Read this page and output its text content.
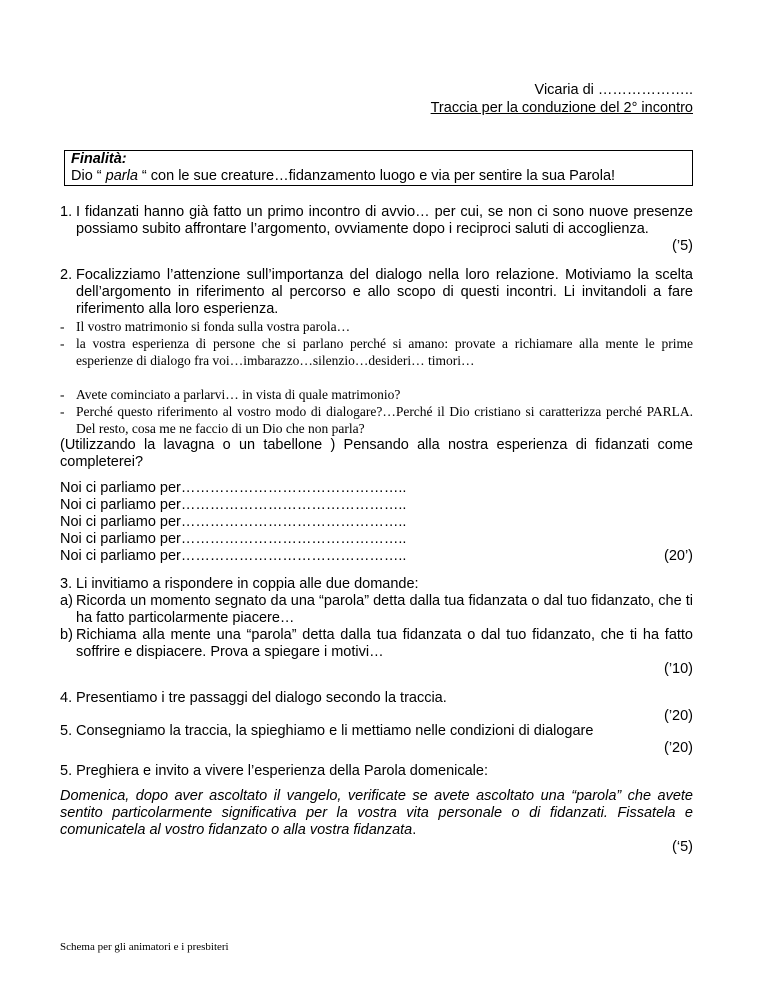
Vicaria di ………………..
Traccia per la conduzione del 2° incontro
Finalità:
Dio “ parla “ con le sue creature…fidanzamento luogo e via per sentire la sua Parola!
1. I fidanzati hanno già fatto un primo incontro di avvio… per cui, se non ci sono nuove presenze possiamo subito affrontare l’argomento, ovviamente dopo i reciproci saluti di accoglienza.
(’5)
2. Focalizziamo l’attenzione sull’importanza del dialogo nella loro relazione. Motiviamo la scelta dell’argomento in riferimento al percorso e allo scopo di questi incontri. Li invitandoli a fare riferimento alla loro esperienza.
- Il vostro matrimonio si fonda sulla vostra parola…
- la vostra esperienza di persone che si parlano perché si amano: provate a richiamare alla mente le prime esperienze di dialogo fra voi…imbarazzo…silenzio…desideri… timori…
- Avete cominciato a parlarvi… in vista di quale matrimonio?
- Perché questo riferimento al vostro modo di dialogare?…Perché il Dio cristiano si caratterizza perché PARLA. Del resto, cosa me ne faccio di un Dio che non parla?
(Utilizzando la lavagna o un tabellone ) Pensando alla nostra esperienza di fidanzati come completerei?
Noi ci parliamo per………………………………………..
Noi ci parliamo per………………………………………..
Noi ci parliamo per………………………………………..
Noi ci parliamo per………………………………………..
Noi ci parliamo per………………………………………..	(20’)
3. Li invitiamo a rispondere in coppia alle due domande:
a) Ricorda un momento segnato da una “parola” detta dalla tua fidanzata o dal tuo fidanzato, che ti ha fatto particolarmente piacere…
b) Richiama alla mente una “parola” detta dalla tua fidanzata o dal tuo fidanzato, che ti ha fatto soffrire e dispiacere. Prova a spiegare i motivi…
(’10)
4. Presentiamo i tre passaggi del dialogo secondo la traccia.
(’20)
5. Consegniamo la traccia, la spieghiamo e li mettiamo nelle condizioni di dialogare
(’20)
5. Preghiera e invito a vivere l’esperienza della Parola domenicale:
Domenica, dopo aver ascoltato il vangelo, verificate se avete ascoltato una “parola” che avete sentito particolarmente significativa per la vostra vita personale o di fidanzati. Fissatela e comunicatela al vostro fidanzato o alla vostra fidanzata.
(‘5)
Schema per gli animatori e i presbiteri
